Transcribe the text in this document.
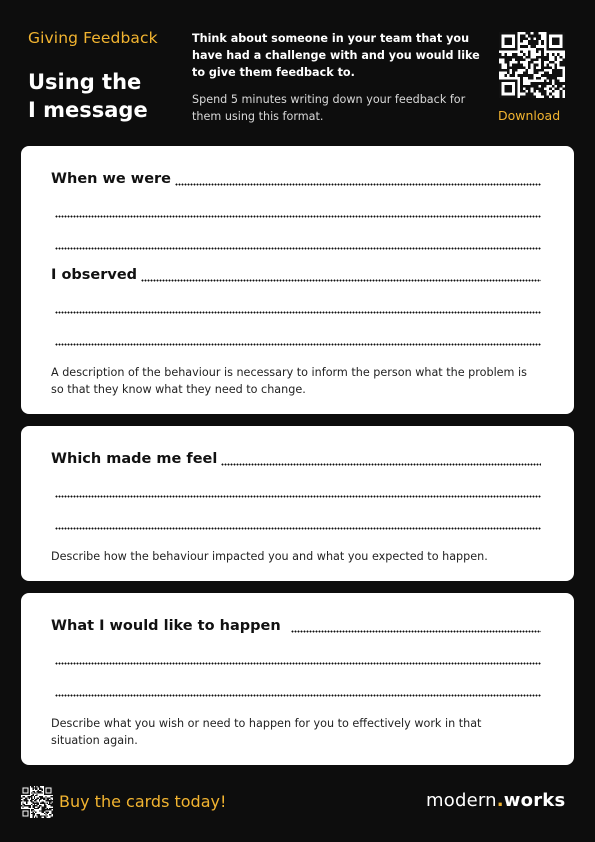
Giving Feedback
Using the
I message
Think about someone in your team that you have had a challenge with and you would like to give them feedback to.
Spend 5 minutes writing down your feedback for them using this format.	Download
When we were
I observed
A description of the behaviour is necessary to inform the person what the problem is so that they know what they need to change.
Which made me feel
Describe how the behaviour impacted you and what you expected to happen.
What I would like to happen
Describe what you wish or need to happen for you to effectively work in that situation again.
Buy the cards today!	modern.works
